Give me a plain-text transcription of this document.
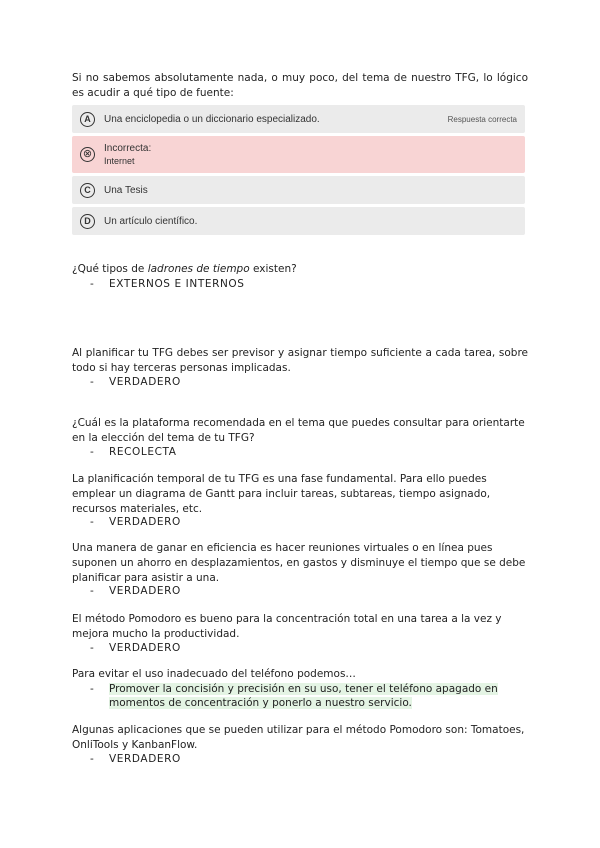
Si no sabemos absolutamente nada, o muy poco, del tema de nuestro TFG, lo lógico es acudir a qué tipo de fuente:

A	Una enciclopedia o un diccionario especializado.	Respuesta correcta
⊗ Incorrecta:
Internet
C	Una Tesis
D	Un artículo científico.

¿Qué tipos de ladrones de tiempo existen?

- EXTERNOS E INTERNOS

Al planificar tu TFG debes ser previsor y asignar tiempo suficiente a cada tarea, sobre todo si hay terceras personas implicadas.

- VERDADERO

¿Cuál es la plataforma recomendada en el tema que puedes consultar para orientarte en la elección del tema de tu TFG?

- RECOLECTA

La planificación temporal de tu TFG es una fase fundamental. Para ello puedes emplear un diagrama de Gantt para incluir tareas, subtareas, tiempo asignado, recursos materiales, etc.

- VERDADERO

Una manera de ganar en eficiencia es hacer reuniones virtuales o en línea pues suponen un ahorro en desplazamientos, en gastos y disminuye el tiempo que se debe planificar para asistir a una.

- VERDADERO

El método Pomodoro es bueno para la concentración total en una tarea a la vez y mejora mucho la productividad.

- VERDADERO

Para evitar el uso inadecuado del teléfono podemos…

- Promover la concisión y precisión en su uso, tener el teléfono apagado en

momentos de concentración y ponerlo a nuestro servicio.

Algunas aplicaciones que se pueden utilizar para el método Pomodoro son: Tomatoes, OnliTools y KanbanFlow.

- VERDADERO
